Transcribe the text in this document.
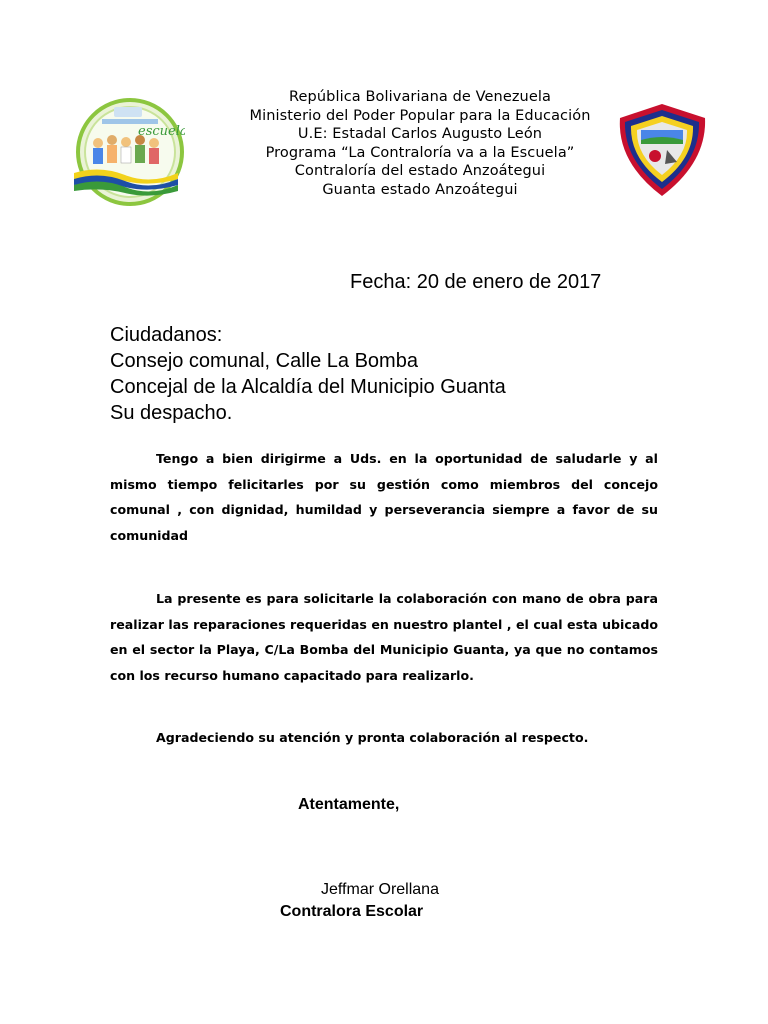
escuela
República Bolivariana de Venezuela
Ministerio del Poder Popular para la Educación
U.E: Estadal Carlos Augusto León
Programa “La Contraloría va a la Escuela”
Contraloría del estado Anzoátegui
Guanta estado Anzoátegui
Fecha: 20 de enero de 2017
Ciudadanos:
Consejo comunal, Calle La Bomba
Concejal de la Alcaldía del Municipio Guanta
Su despacho.

Tengo a bien dirigirme a Uds. en la oportunidad de saludarle y al mismo tiempo felicitarles por su gestión como miembros del concejo comunal , con dignidad, humildad y perseverancia siempre a favor de su comunidad

La presente es para solicitarle la colaboración con mano de obra para realizar las reparaciones requeridas en nuestro plantel , el cual esta ubicado en el sector la Playa, C/La Bomba del Municipio Guanta, ya que no contamos con los recurso humano capacitado para realizarlo.

Agradeciendo su atención y pronta colaboración al respecto.
Atentamente,
Jeffmar Orellana
Contralora Escolar
